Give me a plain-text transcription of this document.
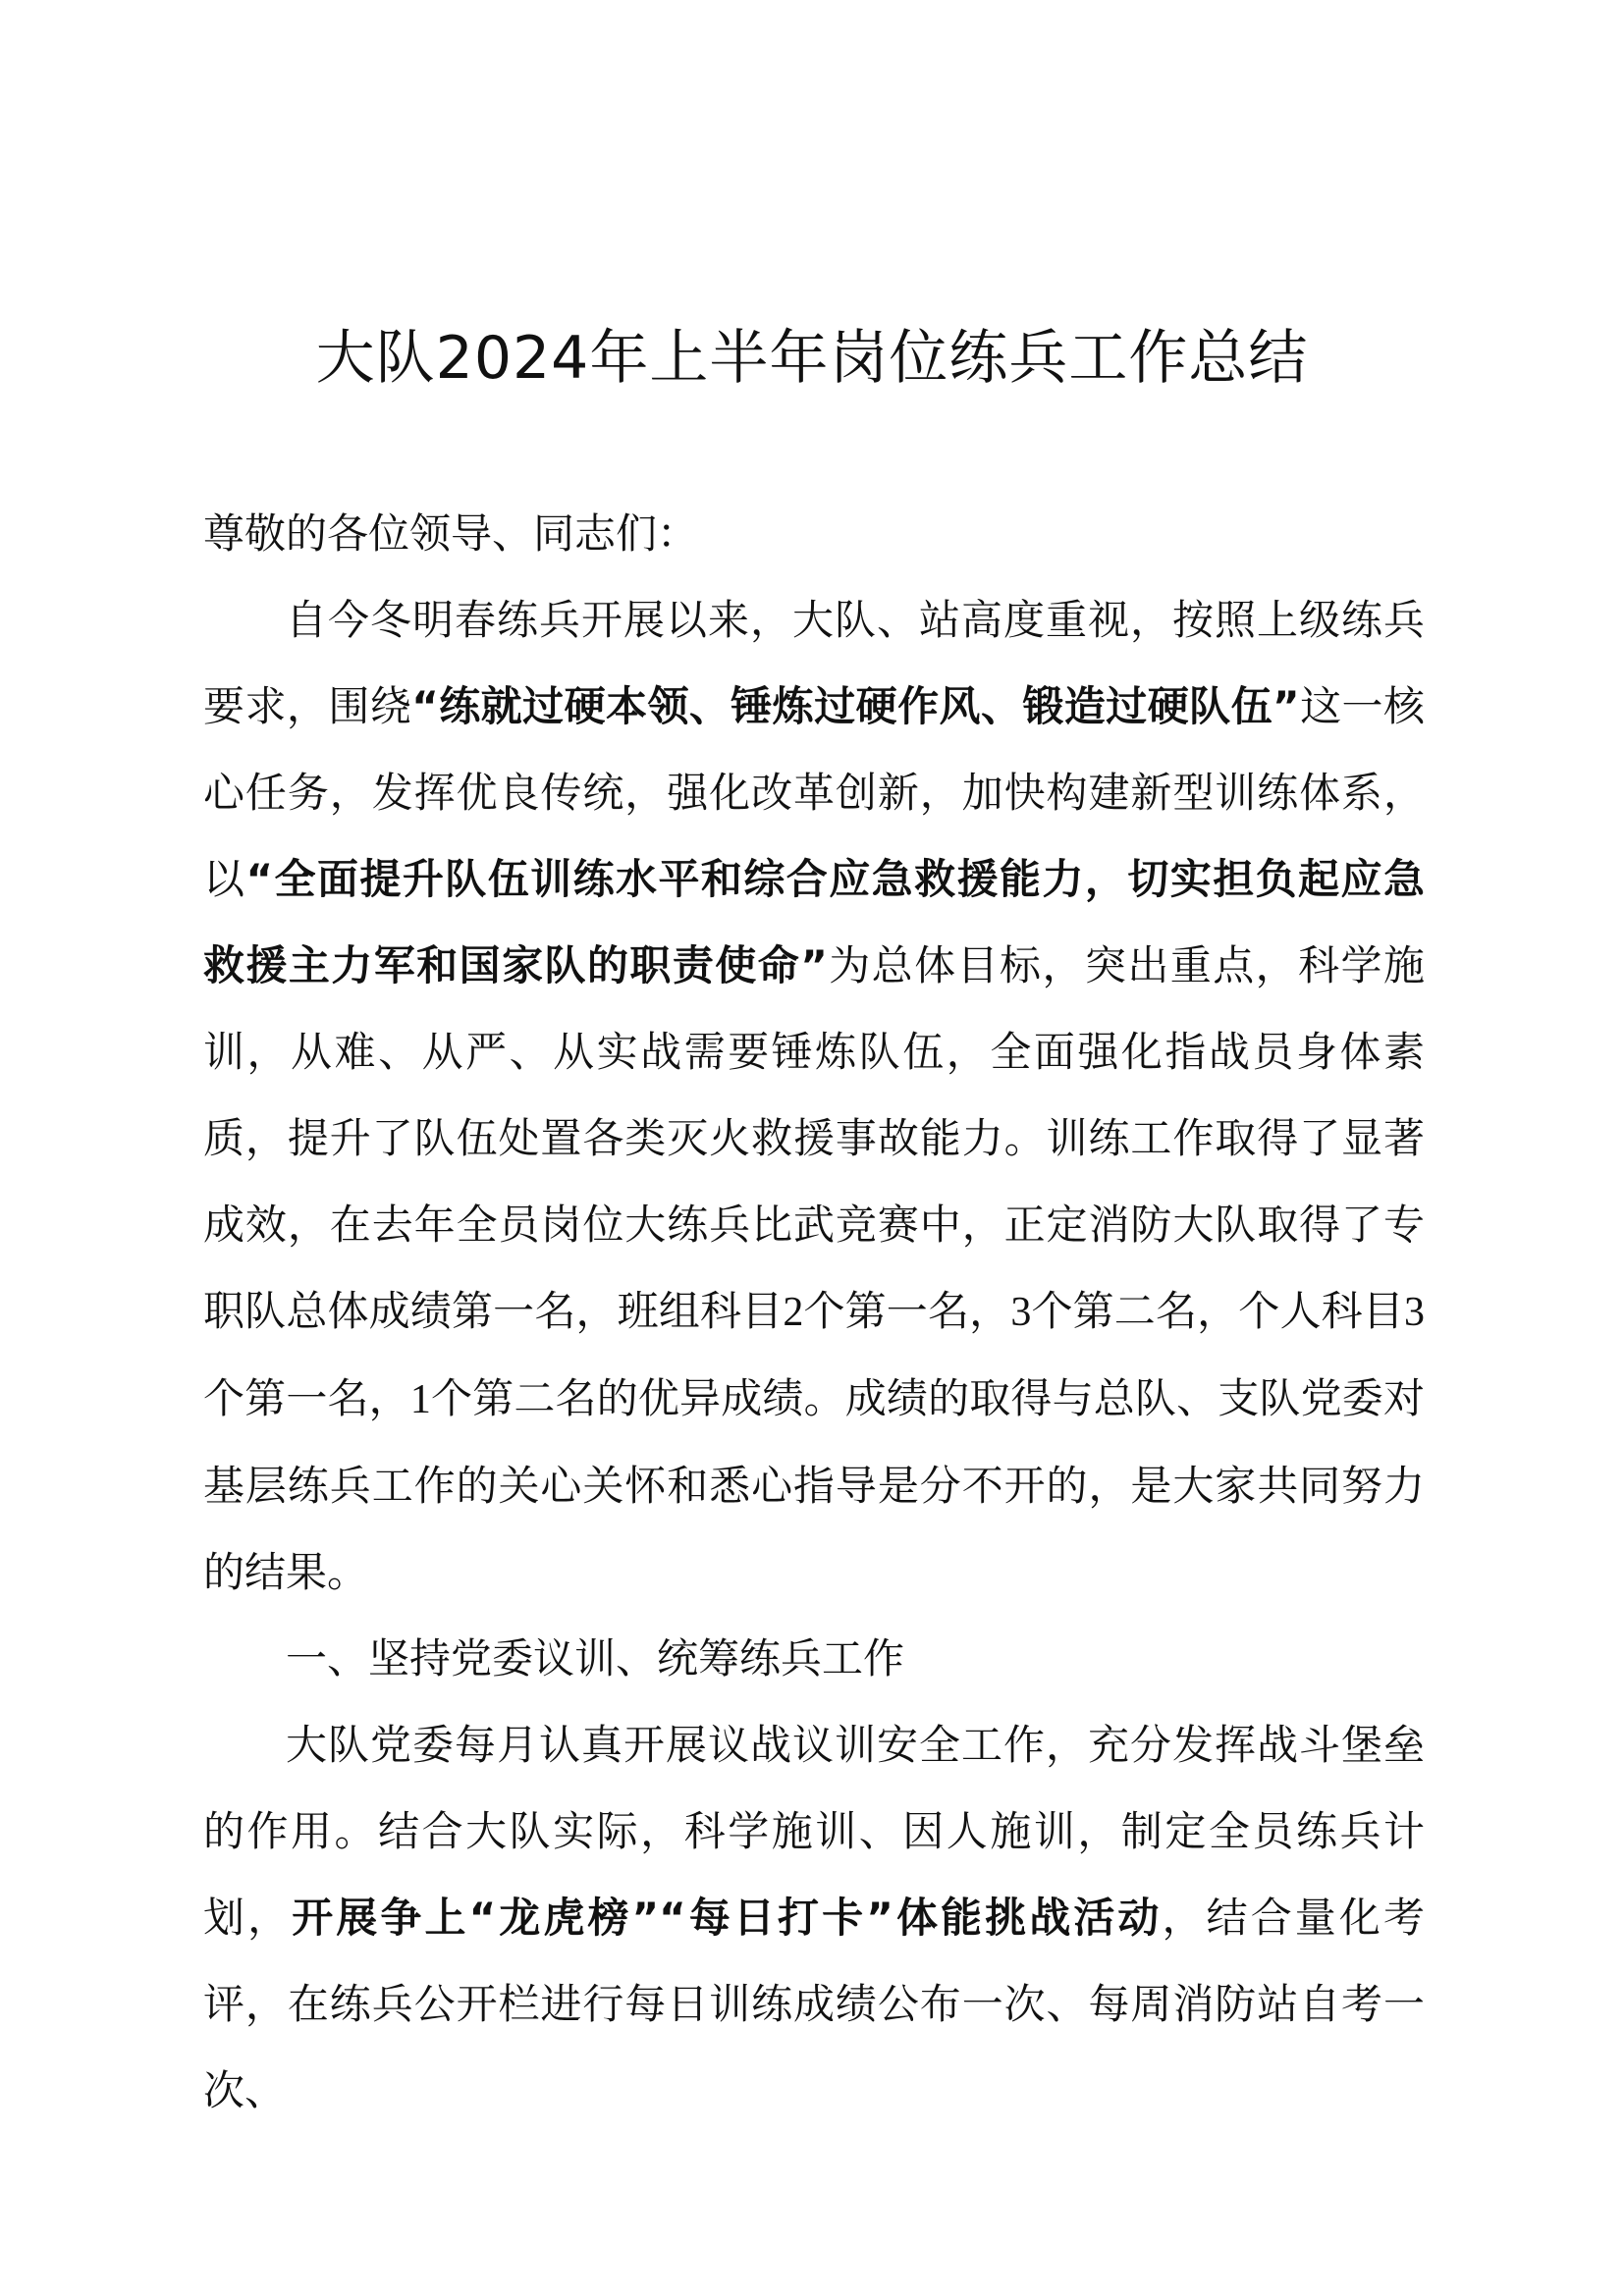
大队2024年上半年岗位练兵工作总结

尊敬的各位领导、同志们：

自今冬明春练兵开展以来，大队、站高度重视，按照上级练兵要求，围绕“练就过硬本领、锤炼过硬作风、锻造过硬队伍”这一核心任务，发挥优良传统，强化改革创新，加快构建新型训练体系，以“全面提升队伍训练水平和综合应急救援能力，切实担负起应急救援主力军和国家队的职责使命”为总体目标，突出重点，科学施训，从难、从严、从实战需要锤炼队伍，全面强化指战员身体素质，提升了队伍处置各类灭火救援事故能力。训练工作取得了显著成效，在去年全员岗位大练兵比武竞赛中，正定消防大队取得了专职队总体成绩第一名，班组科目2个第一名，3个第二名，个人科目3个第一名，1个第二名的优异成绩。成绩的取得与总队、支队党委对基层练兵工作的关心关怀和悉心指导是分不开的，是大家共同努力的结果。

一、坚持党委议训、统筹练兵工作

大队党委每月认真开展议战议训安全工作，充分发挥战斗堡垒的作用。结合大队实际，科学施训、因人施训，制定全员练兵计划，开展争上“龙虎榜”“每日打卡”体能挑战活动，结合量化考评，在练兵公开栏进行每日训练成绩公布一次、每周消防站自考一次、
